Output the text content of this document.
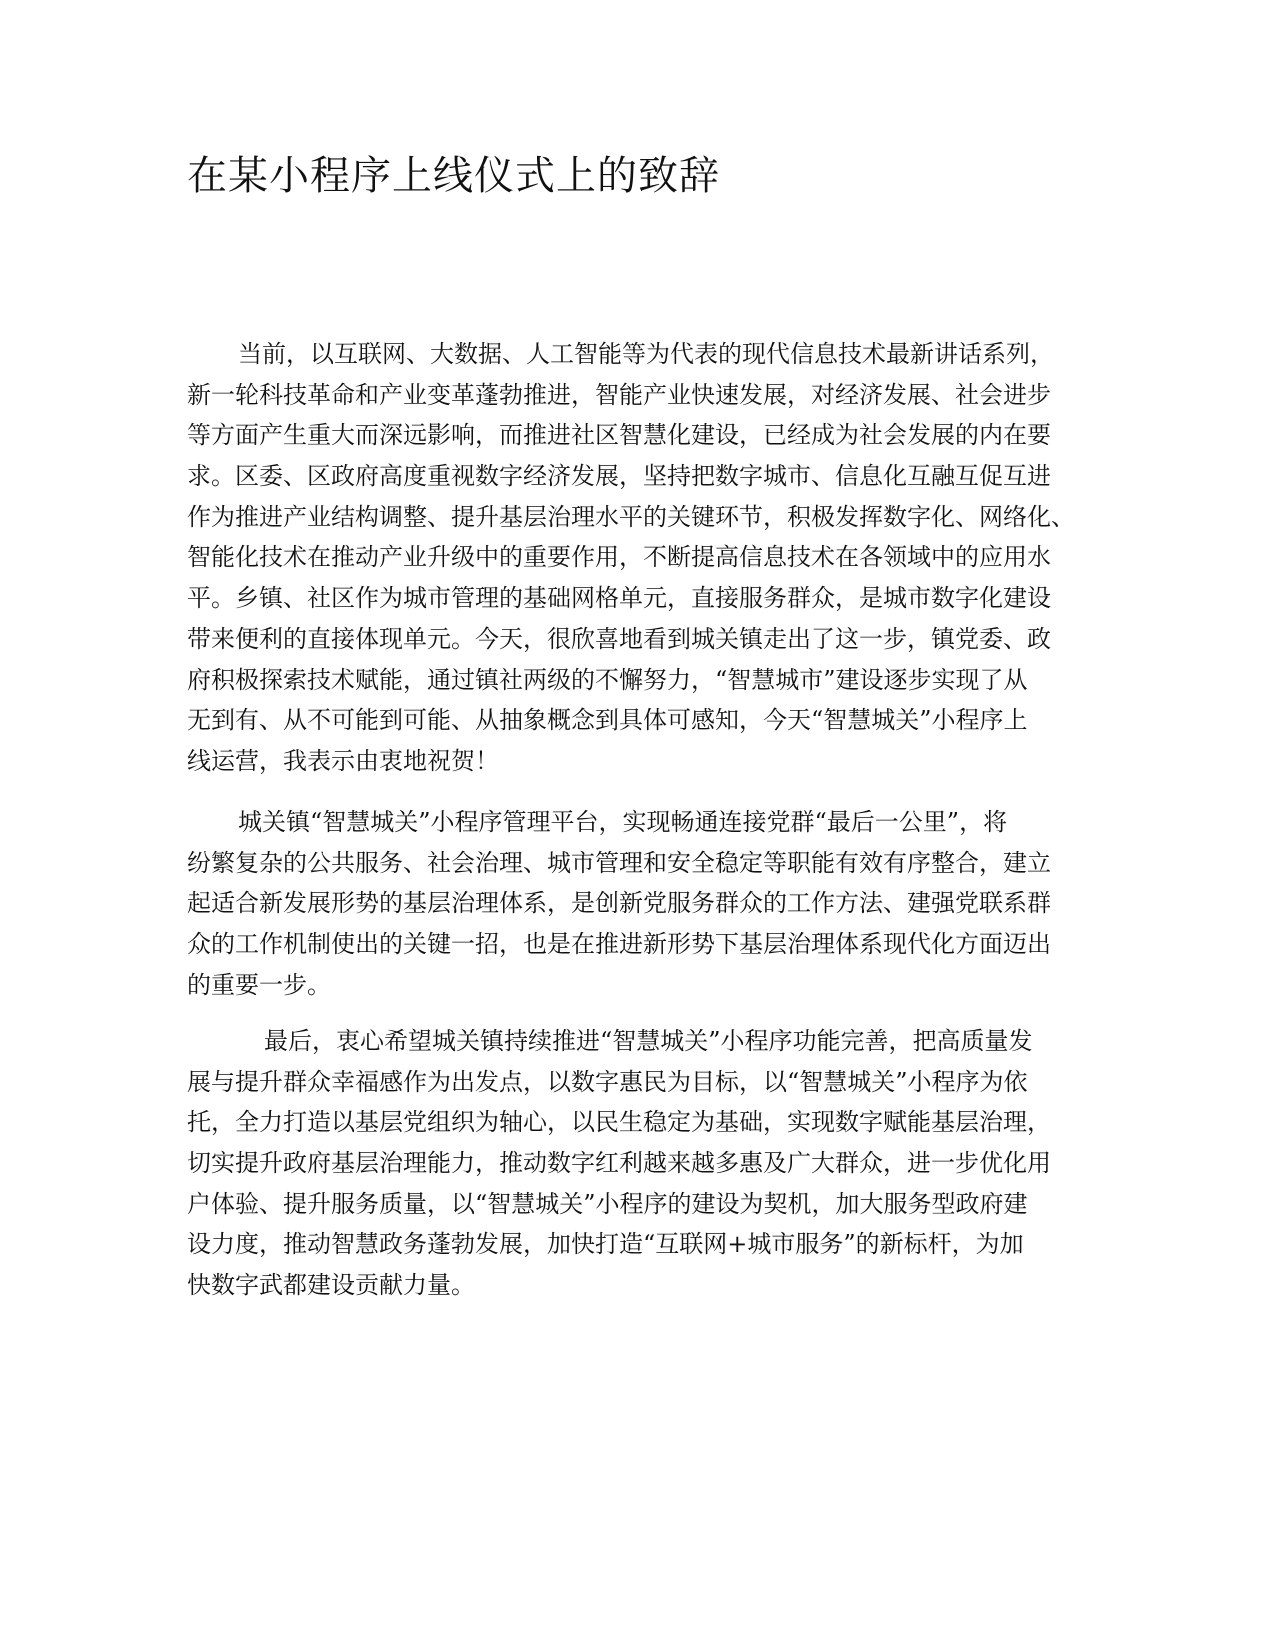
在某小程序上线仪式上的致辞
当前，以互联网、大数据、人工智能等为代表的现代信息技术最新讲话系列，
新一轮科技革命和产业变革蓬勃推进，智能产业快速发展，对经济发展、社会进步
等方面产生重大而深远影响，而推进社区智慧化建设，已经成为社会发展的内在要
求。区委、区政府高度重视数字经济发展，坚持把数字城市、信息化互融互促互进
作为推进产业结构调整、提升基层治理水平的关键环节，积极发挥数字化、网络化、
智能化技术在推动产业升级中的重要作用，不断提高信息技术在各领域中的应用水
平。乡镇、社区作为城市管理的基础网格单元，直接服务群众，是城市数字化建设
带来便利的直接体现单元。今天，很欣喜地看到城关镇走出了这一步，镇党委、政
府积极探索技术赋能，通过镇社两级的不懈努力，“智慧城市”建设逐步实现了从
无到有、从不可能到可能、从抽象概念到具体可感知，今天“智慧城关”小程序上
线运营，我表示由衷地祝贺！
城关镇“智慧城关”小程序管理平台，实现畅通连接党群“最后一公里”，将
纷繁复杂的公共服务、社会治理、城市管理和安全稳定等职能有效有序整合，建立
起适合新发展形势的基层治理体系，是创新党服务群众的工作方法、建强党联系群
众的工作机制使出的关键一招，也是在推进新形势下基层治理体系现代化方面迈出
的重要一步。
最后，衷心希望城关镇持续推进“智慧城关”小程序功能完善，把高质量发
展与提升群众幸福感作为出发点，以数字惠民为目标，以“智慧城关”小程序为依
托，全力打造以基层党组织为轴心，以民生稳定为基础，实现数字赋能基层治理，
切实提升政府基层治理能力，推动数字红利越来越多惠及广大群众，进一步优化用
户体验、提升服务质量，以“智慧城关”小程序的建设为契机，加大服务型政府建
设力度，推动智慧政务蓬勃发展，加快打造“互联网+城市服务”的新标杆，为加
快数字武都建设贡献力量。
